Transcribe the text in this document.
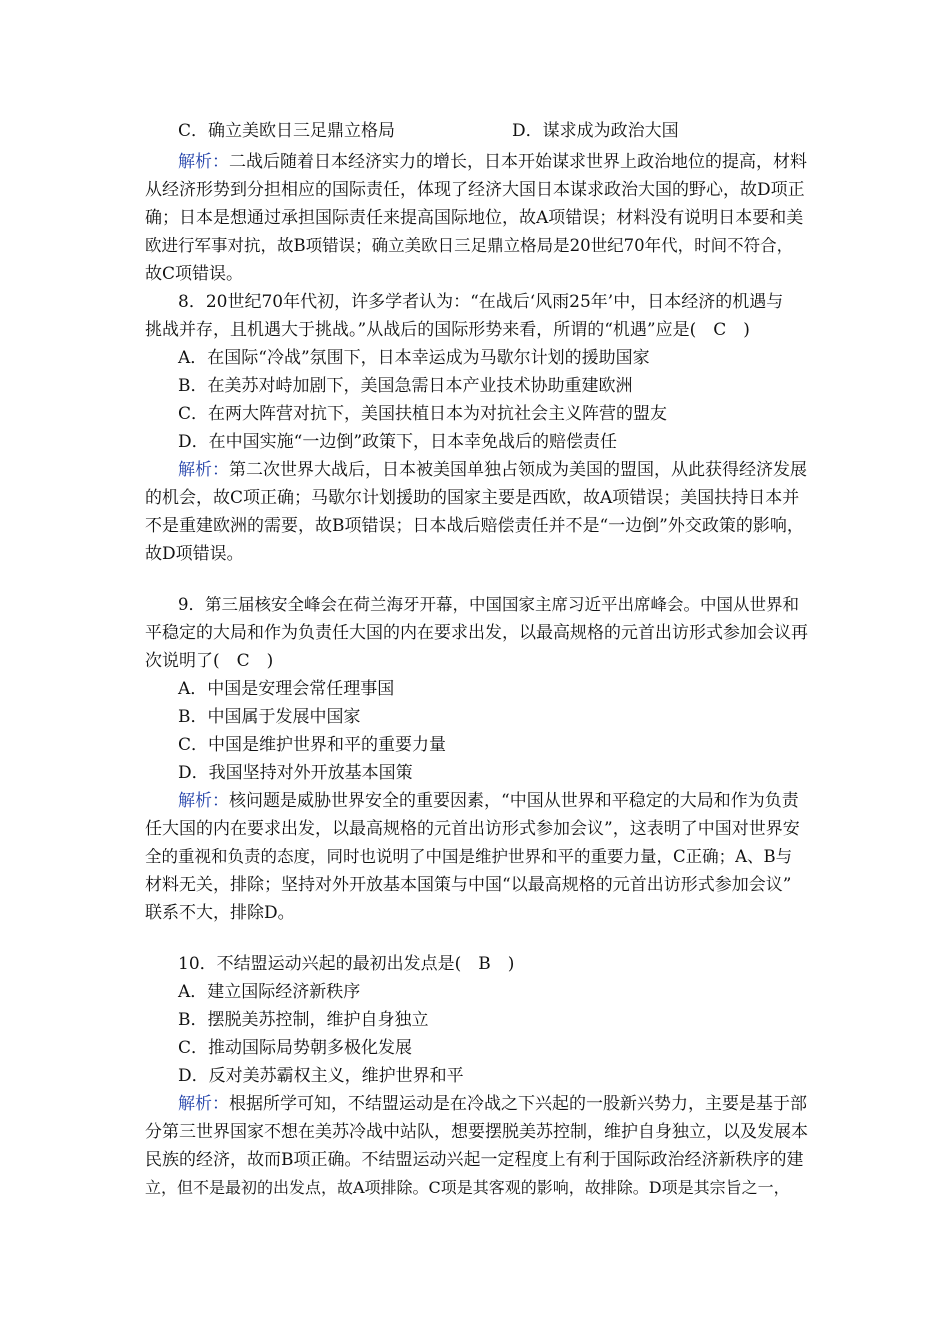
C．确立美欧日三足鼎立格局	D．谋求成为政治大国
解析：二战后随着日本经济实力的增长，日本开始谋求世界上政治地位的提高，材料
从经济形势到分担相应的国际责任，体现了经济大国日本谋求政治大国的野心，故D项正
确；日本是想通过承担国际责任来提高国际地位，故A项错误；材料没有说明日本要和美
欧进行军事对抗，故B项错误；确立美欧日三足鼎立格局是20世纪70年代，时间不符合，
故C项错误。
8．20世纪70年代初，许多学者认为：“在战后‘风雨25年’中，日本经济的机遇与
挑战并存，且机遇大于挑战。”从战后的国际形势来看，所谓的“机遇”应是(　C　)
A．在国际“冷战”氛围下，日本幸运成为马歇尔计划的援助国家
B．在美苏对峙加剧下，美国急需日本产业技术协助重建欧洲
C．在两大阵营对抗下，美国扶植日本为对抗社会主义阵营的盟友
D．在中国实施“一边倒”政策下，日本幸免战后的赔偿责任
解析：第二次世界大战后，日本被美国单独占领成为美国的盟国，从此获得经济发展
的机会，故C项正确；马歇尔计划援助的国家主要是西欧，故A项错误；美国扶持日本并
不是重建欧洲的需要，故B项错误；日本战后赔偿责任并不是“一边倒”外交政策的影响，
故D项错误。
9．第三届核安全峰会在荷兰海牙开幕，中国国家主席习近平出席峰会。中国从世界和
平稳定的大局和作为负责任大国的内在要求出发，以最高规格的元首出访形式参加会议再
次说明了(　C　)
A．中国是安理会常任理事国
B．中国属于发展中国家
C．中国是维护世界和平的重要力量
D．我国坚持对外开放基本国策
解析：核问题是威胁世界安全的重要因素，“中国从世界和平稳定的大局和作为负责
任大国的内在要求出发，以最高规格的元首出访形式参加会议”，这表明了中国对世界安
全的重视和负责的态度，同时也说明了中国是维护世界和平的重要力量，C正确；A、B与
材料无关，排除；坚持对外开放基本国策与中国“以最高规格的元首出访形式参加会议”
联系不大，排除D。
10．不结盟运动兴起的最初出发点是(　B　)
A．建立国际经济新秩序
B．摆脱美苏控制，维护自身独立
C．推动国际局势朝多极化发展
D．反对美苏霸权主义，维护世界和平
解析：根据所学可知，不结盟运动是在冷战之下兴起的一股新兴势力，主要是基于部
分第三世界国家不想在美苏冷战中站队，想要摆脱美苏控制，维护自身独立，以及发展本
民族的经济，故而B项正确。不结盟运动兴起一定程度上有利于国际政治经济新秩序的建
立，但不是最初的出发点，故A项排除。C项是其客观的影响，故排除。D项是其宗旨之一，
